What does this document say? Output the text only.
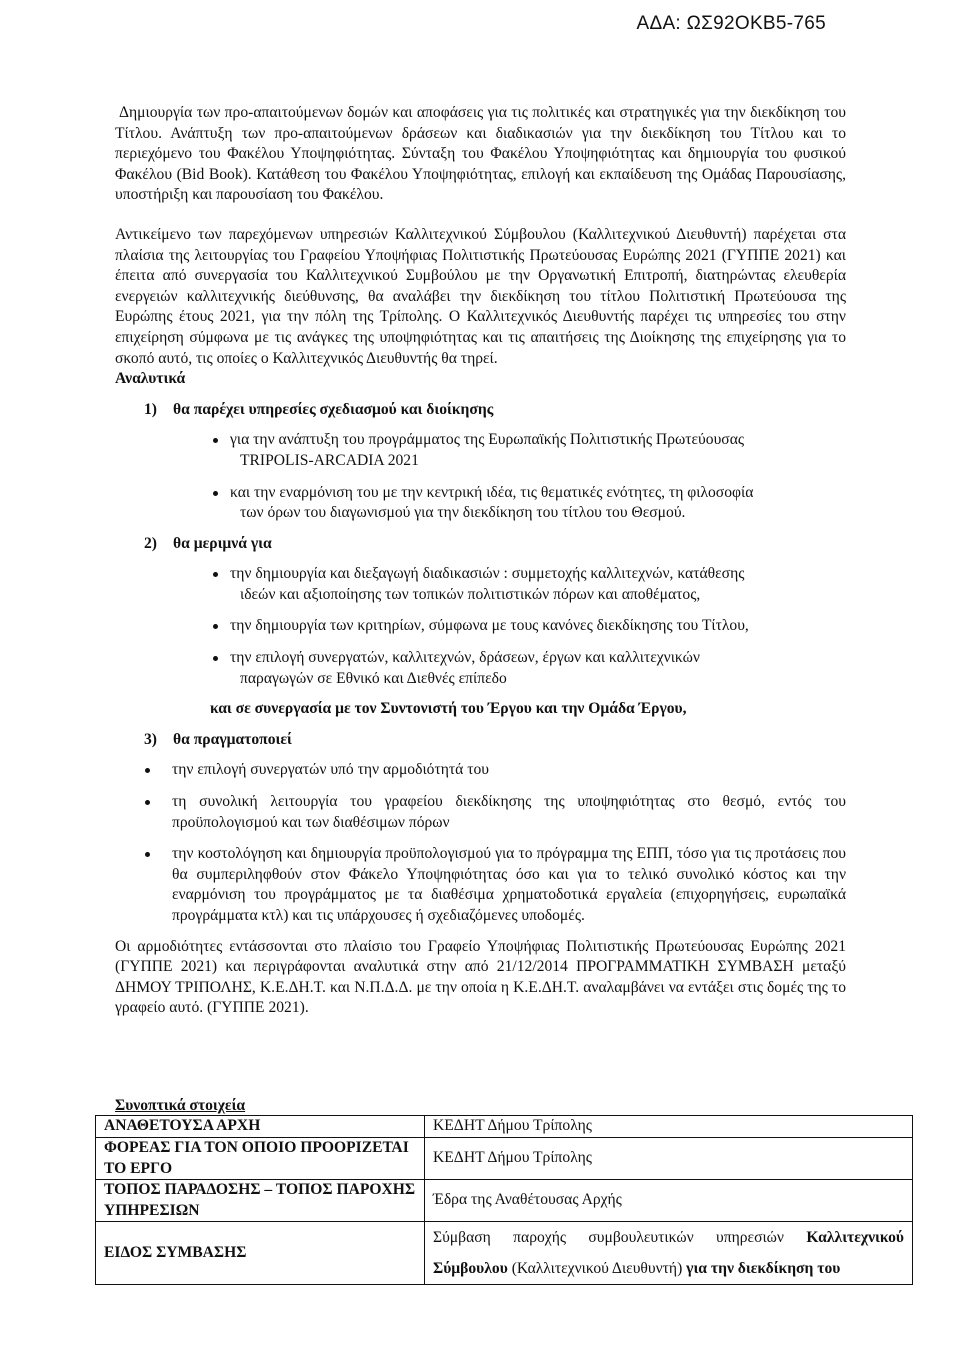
ΑΔΑ: ΩΣ92ΟΚΒ5-765

Δημιουργία των προ-απαιτούμενων δομών και αποφάσεις για τις πολιτικές και στρατηγικές για την διεκδίκηση του Τίτλου. Ανάπτυξη των προ-απαιτούμενων δράσεων και διαδικασιών για την διεκδίκηση του Τίτλου και το περιεχόμενο του Φακέλου Υποψηφιότητας. Σύνταξη του Φακέλου Υποψηφιότητας και δημιουργία του φυσικού Φακέλου (Bid Book). Κατάθεση του Φακέλου Υποψηφιότητας, επιλογή και εκπαίδευση της Ομάδας Παρουσίασης, υποστήριξη και παρουσίαση του Φακέλου.

Αντικείμενο των παρεχόμενων υπηρεσιών Καλλιτεχνικού Σύμβουλου (Καλλιτεχνικού Διευθυντή) παρέχεται στα πλαίσια της λειτουργίας του Γραφείου Υποψήφιας Πολιτιστικής Πρωτεύουσας Ευρώπης 2021 (ΓΥΠΠΕ 2021) και έπειτα από συνεργασία του Καλλιτεχνικού Συμβούλου με την Οργανωτική Επιτροπή, διατηρώντας ελευθερία ενεργειών καλλιτεχνικής διεύθυνσης, θα αναλάβει την διεκδίκηση του τίτλου Πολιτιστική Πρωτεύουσα της Ευρώπης έτους 2021, για την πόλη της Τρίπολης. Ο Καλλιτεχνικός Διευθυντής παρέχει τις υπηρεσίες του στην επιχείρηση σύμφωνα με τις ανάγκες της υποψηφιότητας και τις απαιτήσεις της Διοίκησης της επιχείρησης για το σκοπό αυτό, τις οποίες ο Καλλιτεχνικός Διευθυντής θα τηρεί.

Αναλυτικά

1) θα παρέχει υπηρεσίες σχεδιασμού και διοίκησης

για την ανάπτυξη του προγράμματος της Ευρωπαϊκής Πολιτιστικής Πρωτεύουσας
TRIPOLIS-ARCADIA 2021
και την εναρμόνιση του με την κεντρική ιδέα, τις θεματικές ενότητες, τη φιλοσοφία
των όρων του διαγωνισμού για την διεκδίκηση του τίτλου του Θεσμού.

2) θα μεριμνά για

την δημιουργία και διεξαγωγή διαδικασιών : συμμετοχής καλλιτεχνών, κατάθεσης
ιδεών και αξιοποίησης των τοπικών πολιτιστικών πόρων και αποθέματος,
την δημιουργία των κριτηρίων, σύμφωνα με τους κανόνες διεκδίκησης του Τίτλου,
την επιλογή συνεργατών, καλλιτεχνών, δράσεων, έργων και καλλιτεχνικών
παραγωγών σε Εθνικό και Διεθνές επίπεδο

και σε συνεργασία με τον Συντονιστή του Έργου και την Ομάδα Έργου,

3) θα πραγματοποιεί

την επιλογή συνεργατών υπό την αρμοδιότητά του
τη συνολική λειτουργία του γραφείου διεκδίκησης της υποψηφιότητας στο θεσμό, εντός του προϋπολογισμού και των διαθέσιμων πόρων
την κοστολόγηση και δημιουργία προϋπολογισμού για το πρόγραμμα της ΕΠΠ, τόσο για τις προτάσεις που θα συμπεριληφθούν στον Φάκελο Υποψηφιότητας όσο και για το τελικό συνολικό κόστος και την εναρμόνιση του προγράμματος με τα διαθέσιμα χρηματοδοτικά εργαλεία (επιχορηγήσεις, ευρωπαϊκά προγράμματα κτλ) και τις υπάρχουσες ή σχεδιαζόμενες υποδομές.

Οι αρμοδιότητες εντάσσονται στο πλαίσιο του Γραφείο Υποψήφιας Πολιτιστικής Πρωτεύουσας Ευρώπης 2021 (ΓΥΠΠΕ 2021) και περιγράφονται αναλυτικά στην από 21/12/2014 ΠΡΟΓΡΑΜΜΑΤΙΚΗ ΣΥΜΒΑΣΗ μεταξύ ΔΗΜΟΥ ΤΡΙΠΟΛΗΣ, Κ.Ε.ΔΗ.Τ. και Ν.Π.Δ.Δ. με την οποία η Κ.Ε.ΔΗ.Τ. αναλαμβάνει να εντάξει στις δομές της το γραφείο αυτό. (ΓΥΠΠΕ 2021).

Συνοπτικά στοιχεία
ΑΝΑΘΕΤΟΥΣΑ ΑΡΧΗ	ΚΕΔΗΤ Δήμου Τρίπολης
ΦΟΡΕΑΣ ΓΙΑ ΤΟΝ ΟΠΟΙΟ ΠΡΟΟΡΙΖΕΤΑΙ ΤΟ ΕΡΓΟ	ΚΕΔΗΤ Δήμου Τρίπολης
ΤΟΠΟΣ ΠΑΡΑΔΟΣΗΣ – ΤΟΠΟΣ ΠΑΡΟΧΗΣ ΥΠΗΡΕΣΙΩΝ	Έδρα της Αναθέτουσας Αρχής
ΕΙΔΟΣ ΣΥΜΒΑΣΗΣ	Σύμβαση παροχής συμβουλευτικών υπηρεσιών Καλλιτεχνικού Σύμβουλου (Καλλιτεχνικού Διευθυντή) για την διεκδίκηση του
